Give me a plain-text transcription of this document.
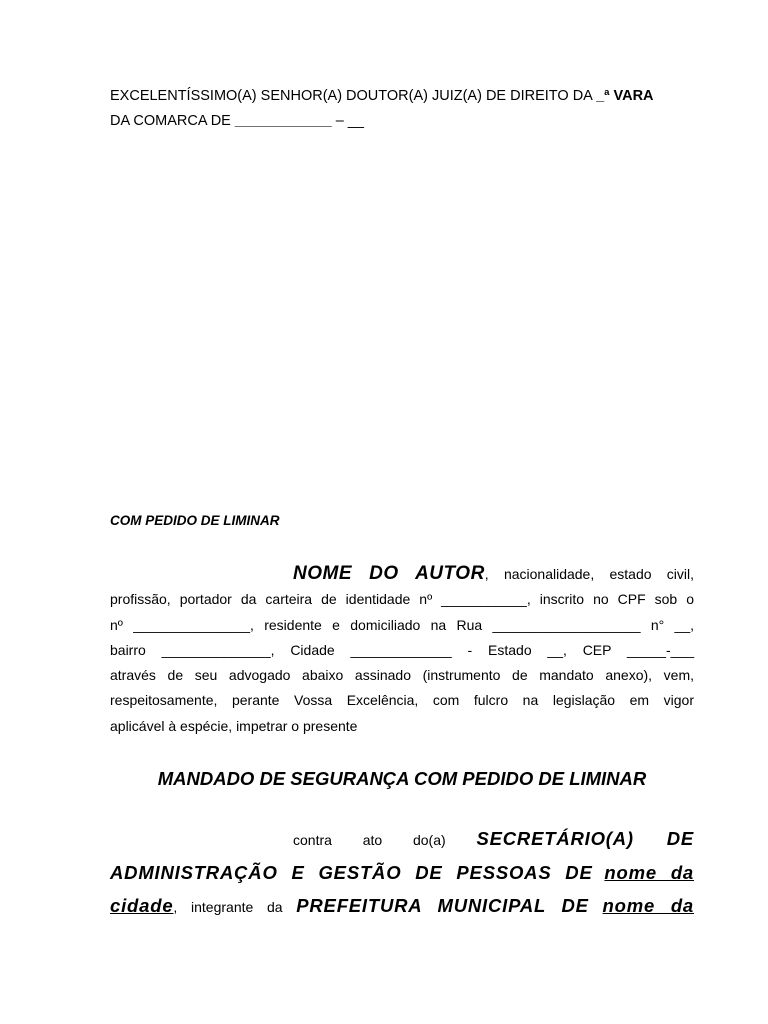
EXCELENTÍSSIMO(A) SENHOR(A) DOUTOR(A) JUIZ(A) DE DIREITO DA _ª VARA
DA COMARCA DE ____________ – __
COM PEDIDO DE LIMINAR

NOME DO AUTOR, nacionalidade, estado civil,

profissão, portador da carteira de identidade nº ___________, inscrito no CPF sob o

nº _______________, residente e domiciliado na Rua ___________________ n° __,

bairro ______________, Cidade _____________ - Estado __, CEP _____-___

através de seu advogado abaixo assinado (instrumento de mandato anexo), vem,

respeitosamente, perante Vossa Excelência, com fulcro na legislação em vigor

aplicável à espécie, impetrar o presente

MANDADO DE SEGURANÇA COM PEDIDO DE LIMINAR

contra ato do(a) SECRETÁRIO(A) DE

ADMINISTRAÇÃO E GESTÃO DE PESSOAS DE nome da

cidade, integrante da PREFEITURA MUNICIPAL DE nome da
